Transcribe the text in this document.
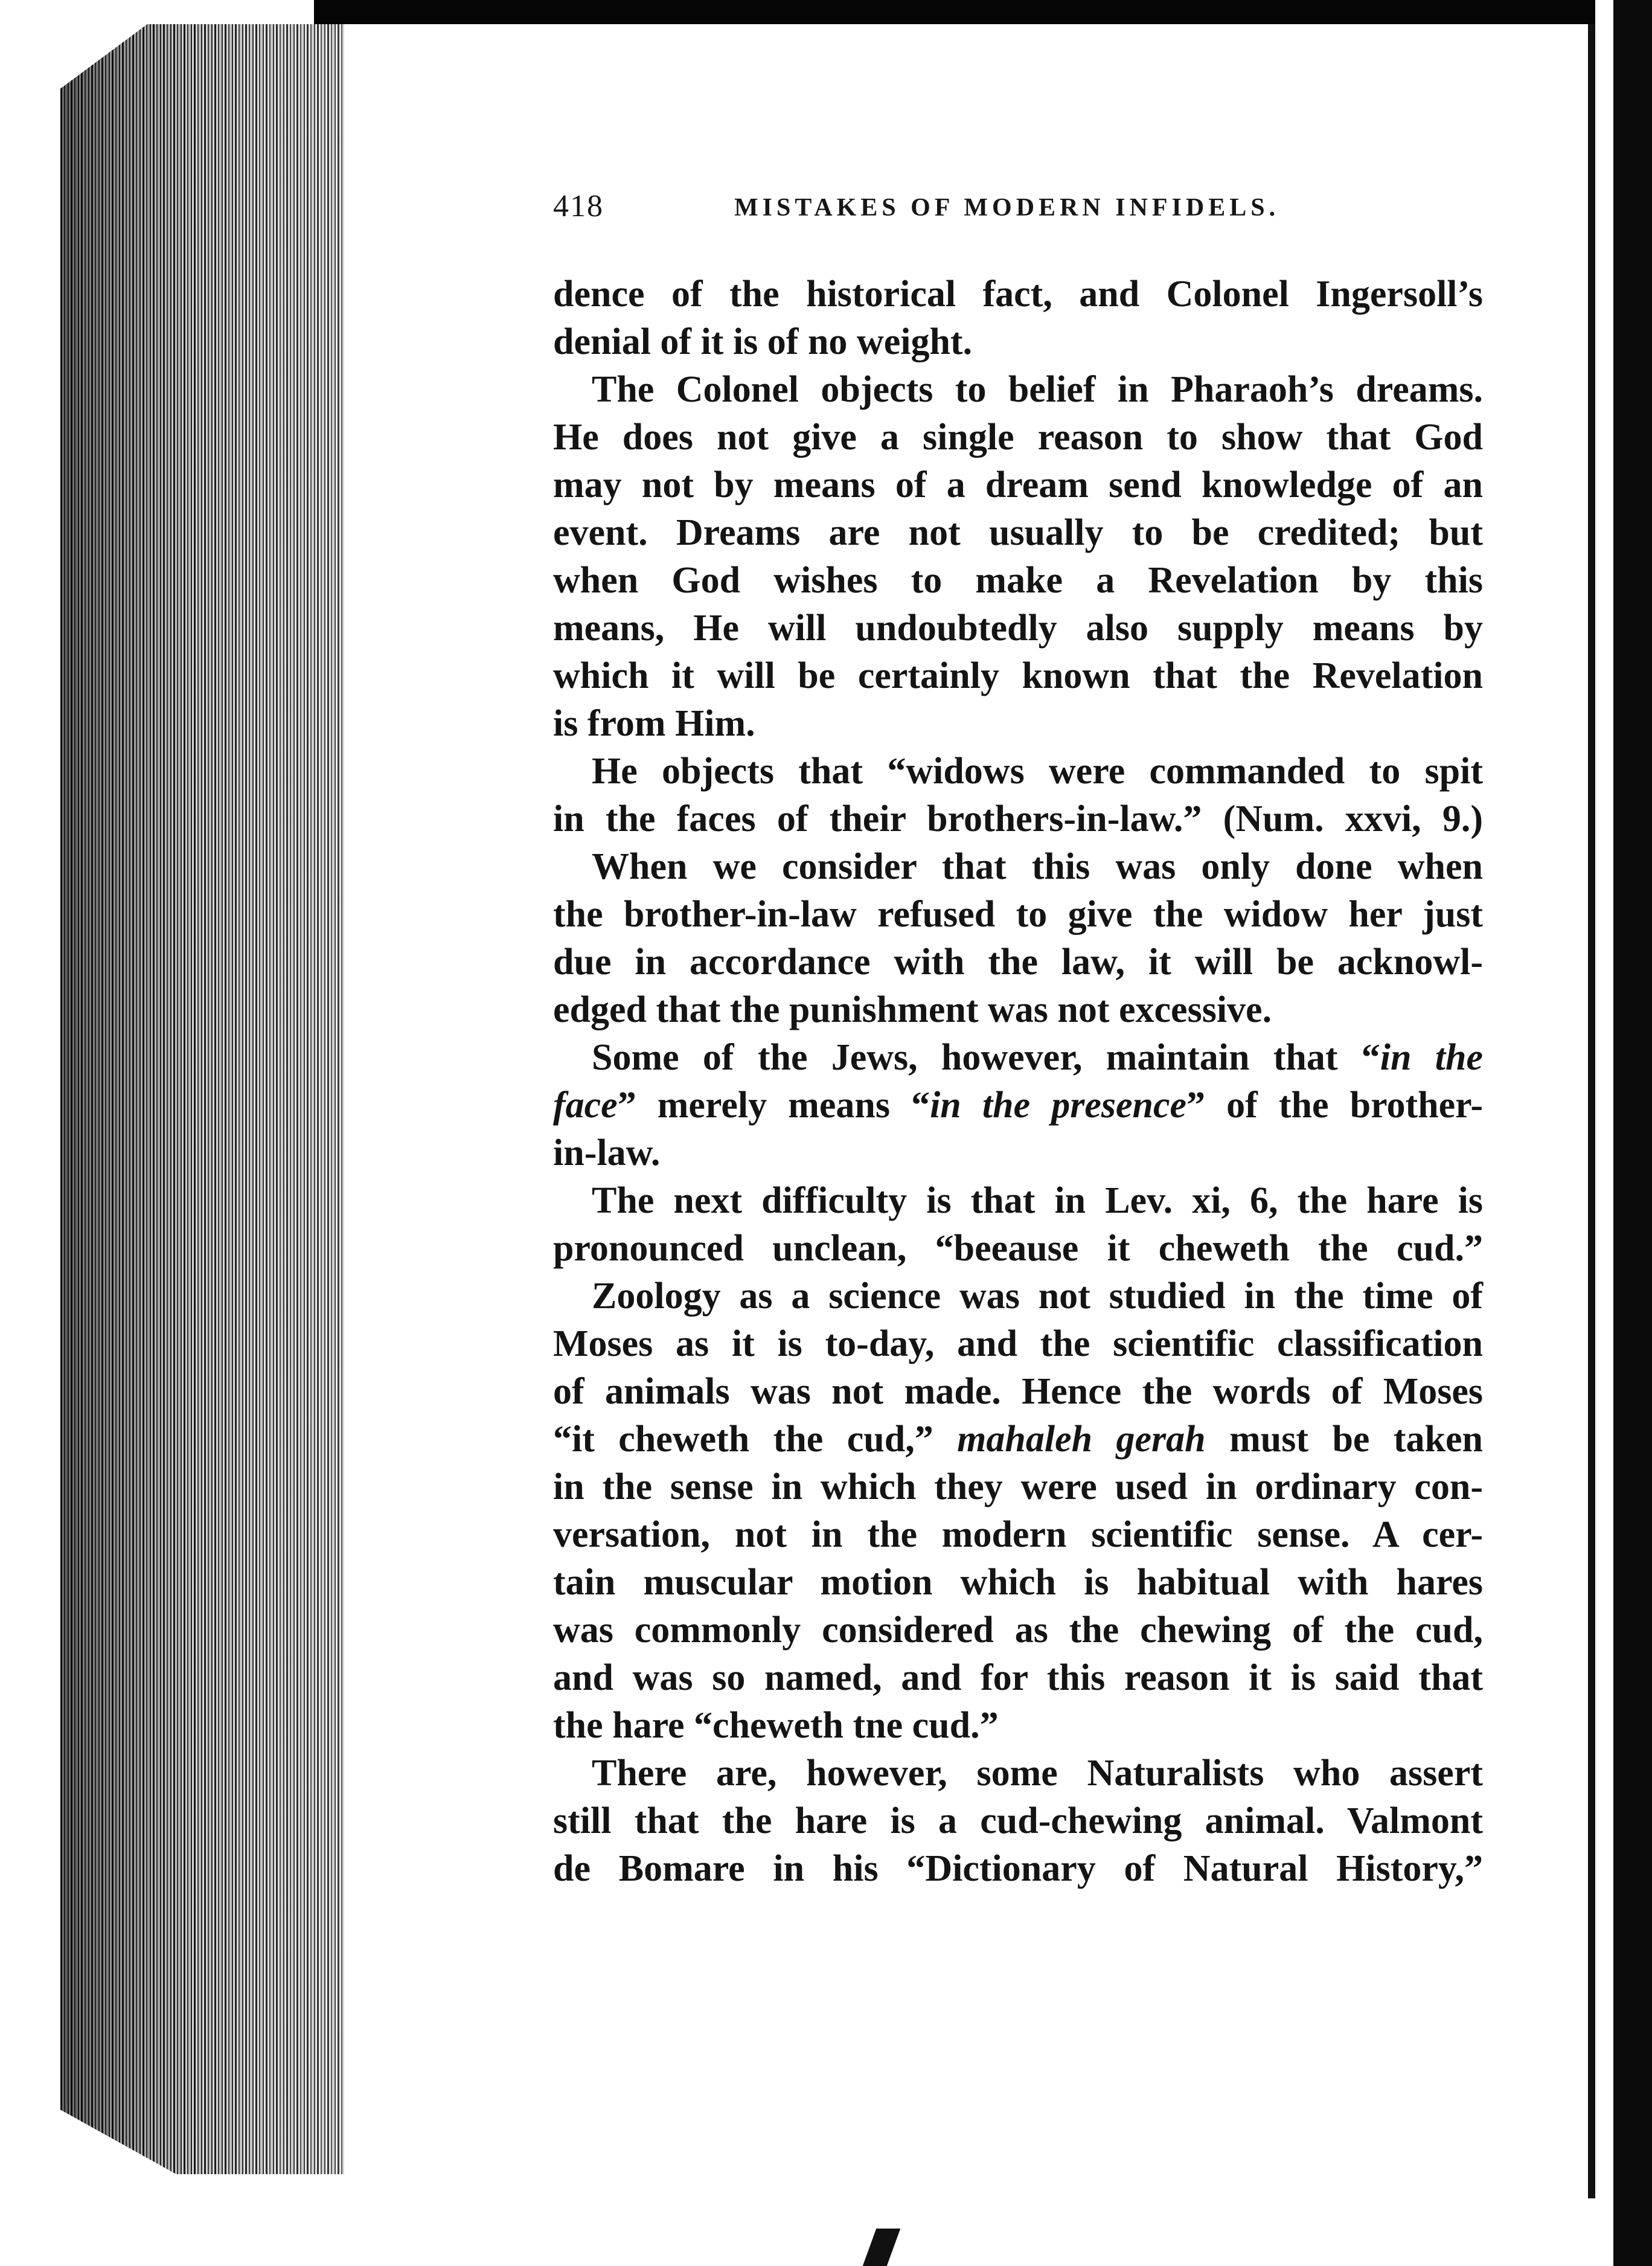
418	MISTAKES OF MODERN INFIDELS.
dence of the historical fact, and Colonel Ingersoll’s
denial of it is of no weight.
The Colonel objects to belief in Pharaoh’s dreams.
He does not give a single reason to show that God
may not by means of a dream send knowledge of an
event. Dreams are not usually to be credited; but
when God wishes to make a Revelation by this
means, He will undoubtedly also supply means by
which it will be certainly known that the Revelation
is from Him.
He objects that “widows were commanded to spit
in the faces of their brothers-in-law.” (Num. xxvi, 9.)
When we consider that this was only done when
the brother-in-law refused to give the widow her just
due in accordance with the law, it will be acknowl-
edged that the punishment was not excessive.
Some of the Jews, however, maintain that “in the
face” merely means “in the presence” of the brother-
in-law.
The next difficulty is that in Lev. xi, 6, the hare is
pronounced unclean, “beeause it cheweth the cud.”
Zoology as a science was not studied in the time of
Moses as it is to-day, and the scientific classification
of animals was not made. Hence the words of Moses
“it cheweth the cud,” mahaleh gerah must be taken
in the sense in which they were used in ordinary con-
versation, not in the modern scientific sense. A cer-
tain muscular motion which is habitual with hares
was commonly considered as the chewing of the cud,
and was so named, and for this reason it is said that
the hare “cheweth tne cud.”
There are, however, some Naturalists who assert
still that the hare is a cud-chewing animal. Valmont
de Bomare in his “Dictionary of Natural History,”
